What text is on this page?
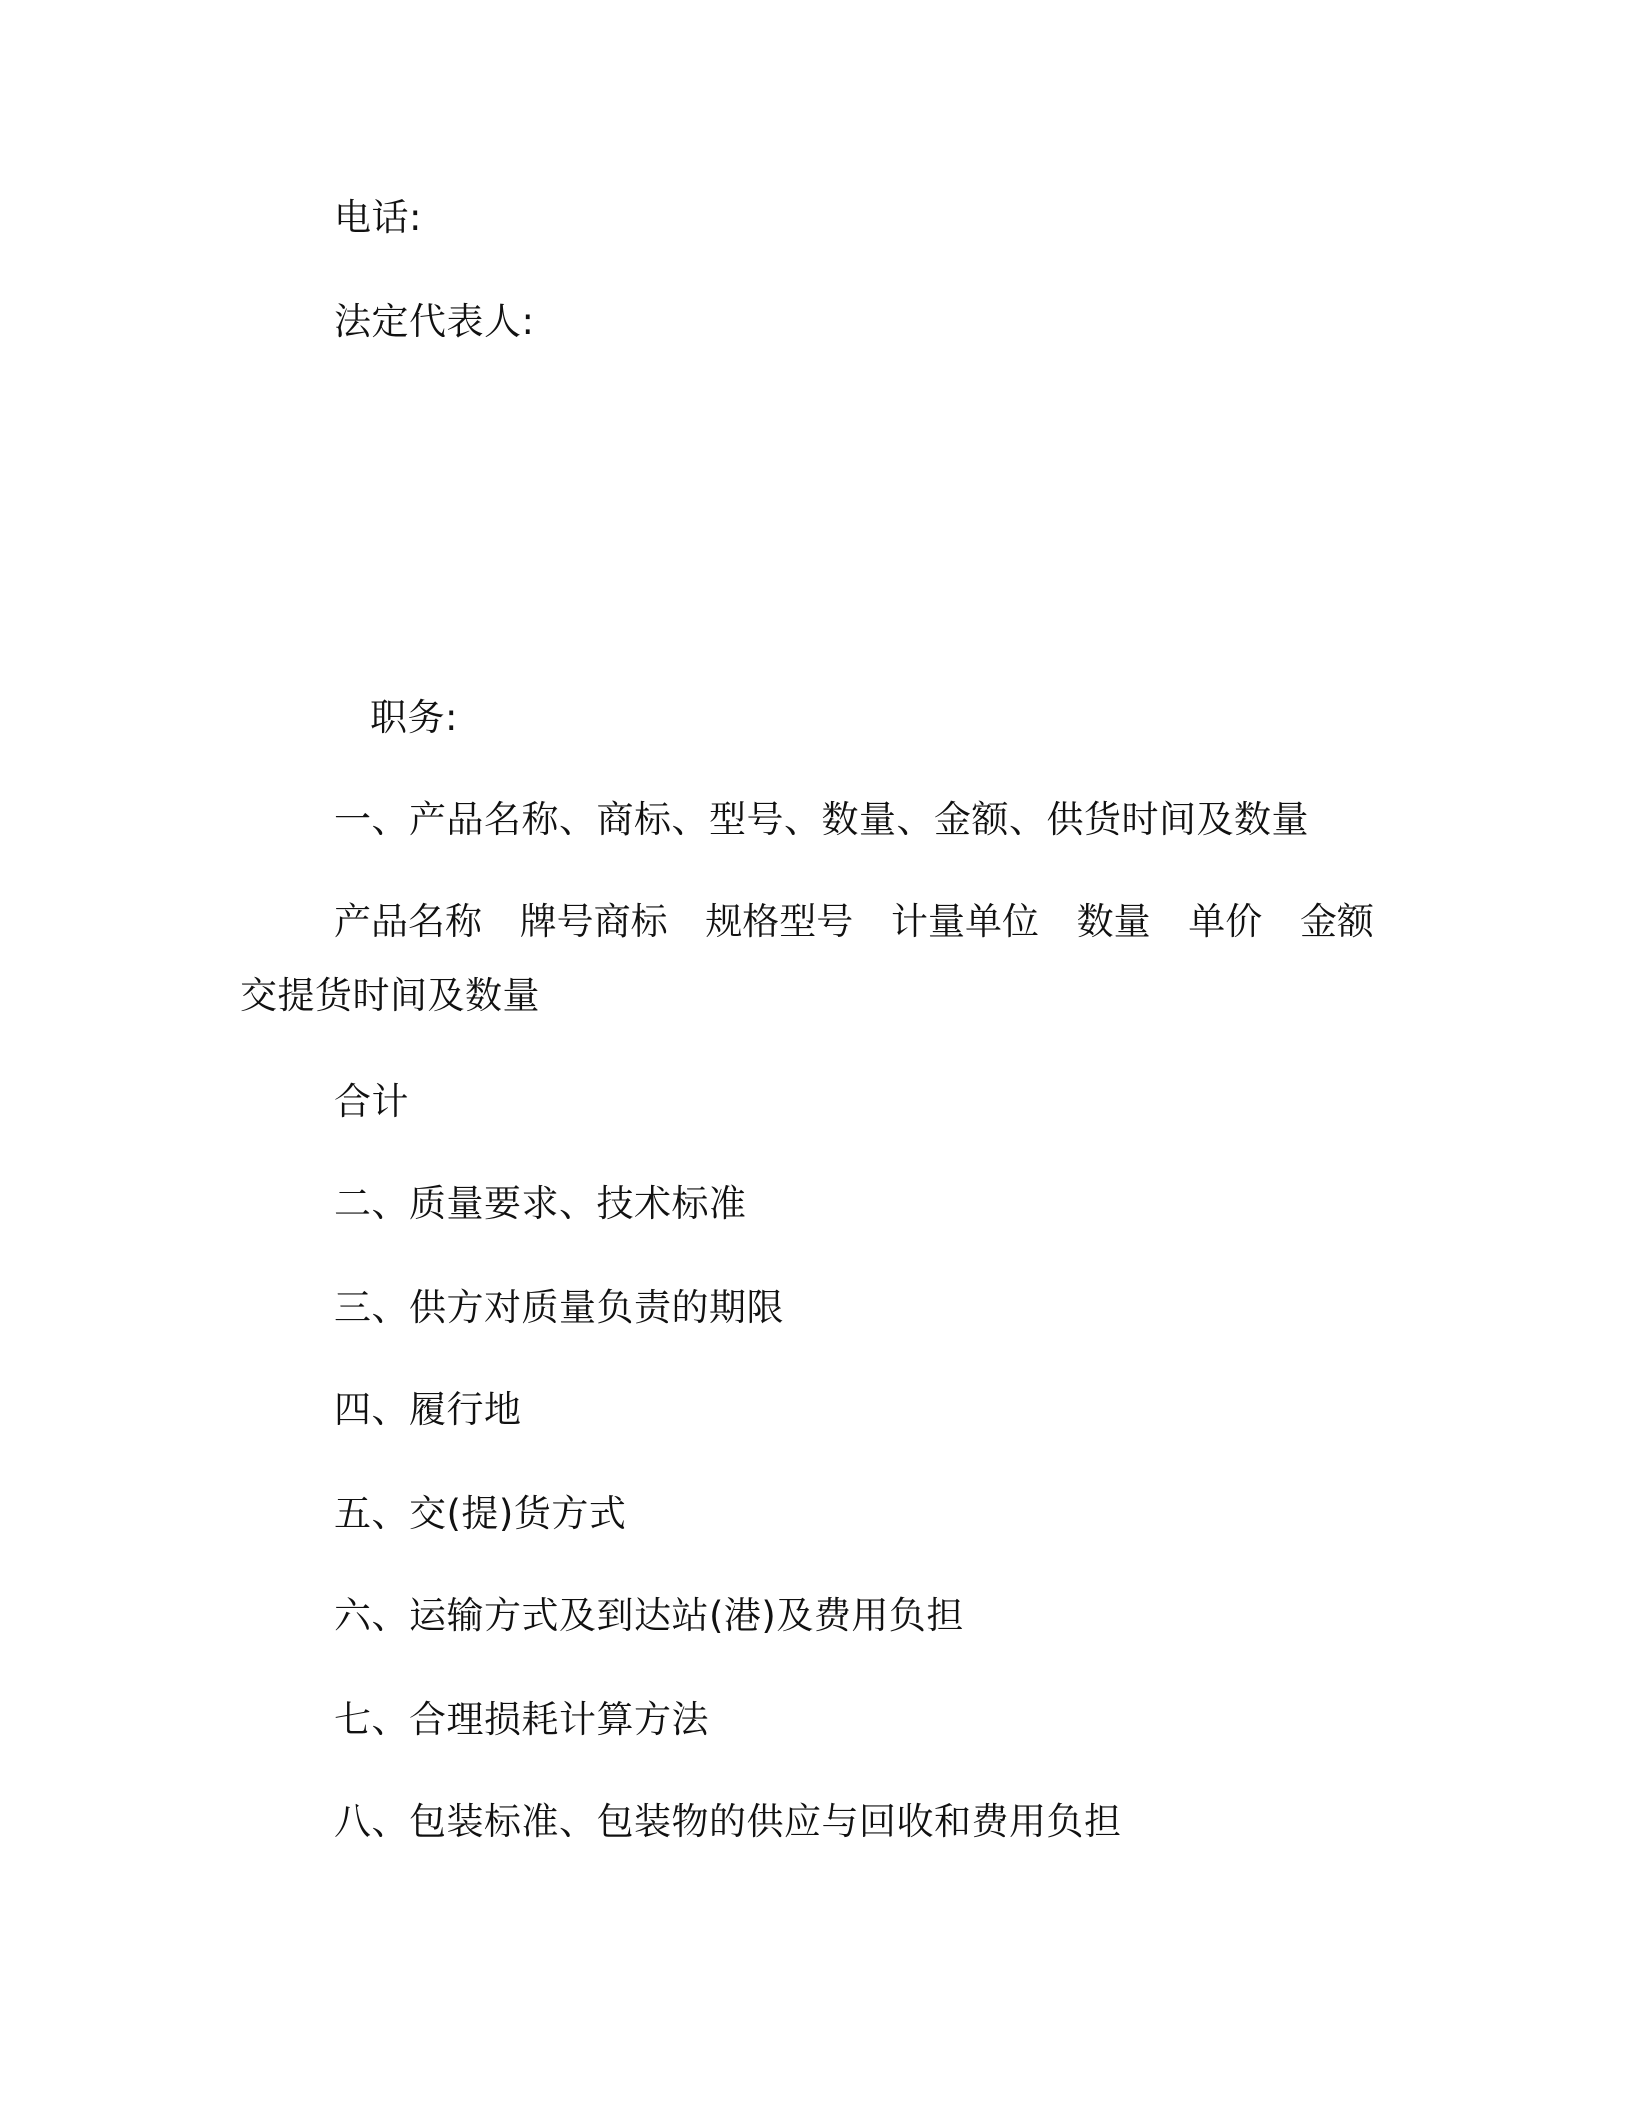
电话:
法定代表人:
职务:
一、产品名称、商标、型号、数量、金额、供货时间及数量
产品名称 牌号商标 规格型号 计量单位 数量 单价 金额
交提货时间及数量
合计
二、质量要求、技术标准
三、供方对质量负责的期限
四、履行地
五、交(提)货方式
六、运输方式及到达站(港)及费用负担
七、合理损耗计算方法
八、包装标准、包装物的供应与回收和费用负担
